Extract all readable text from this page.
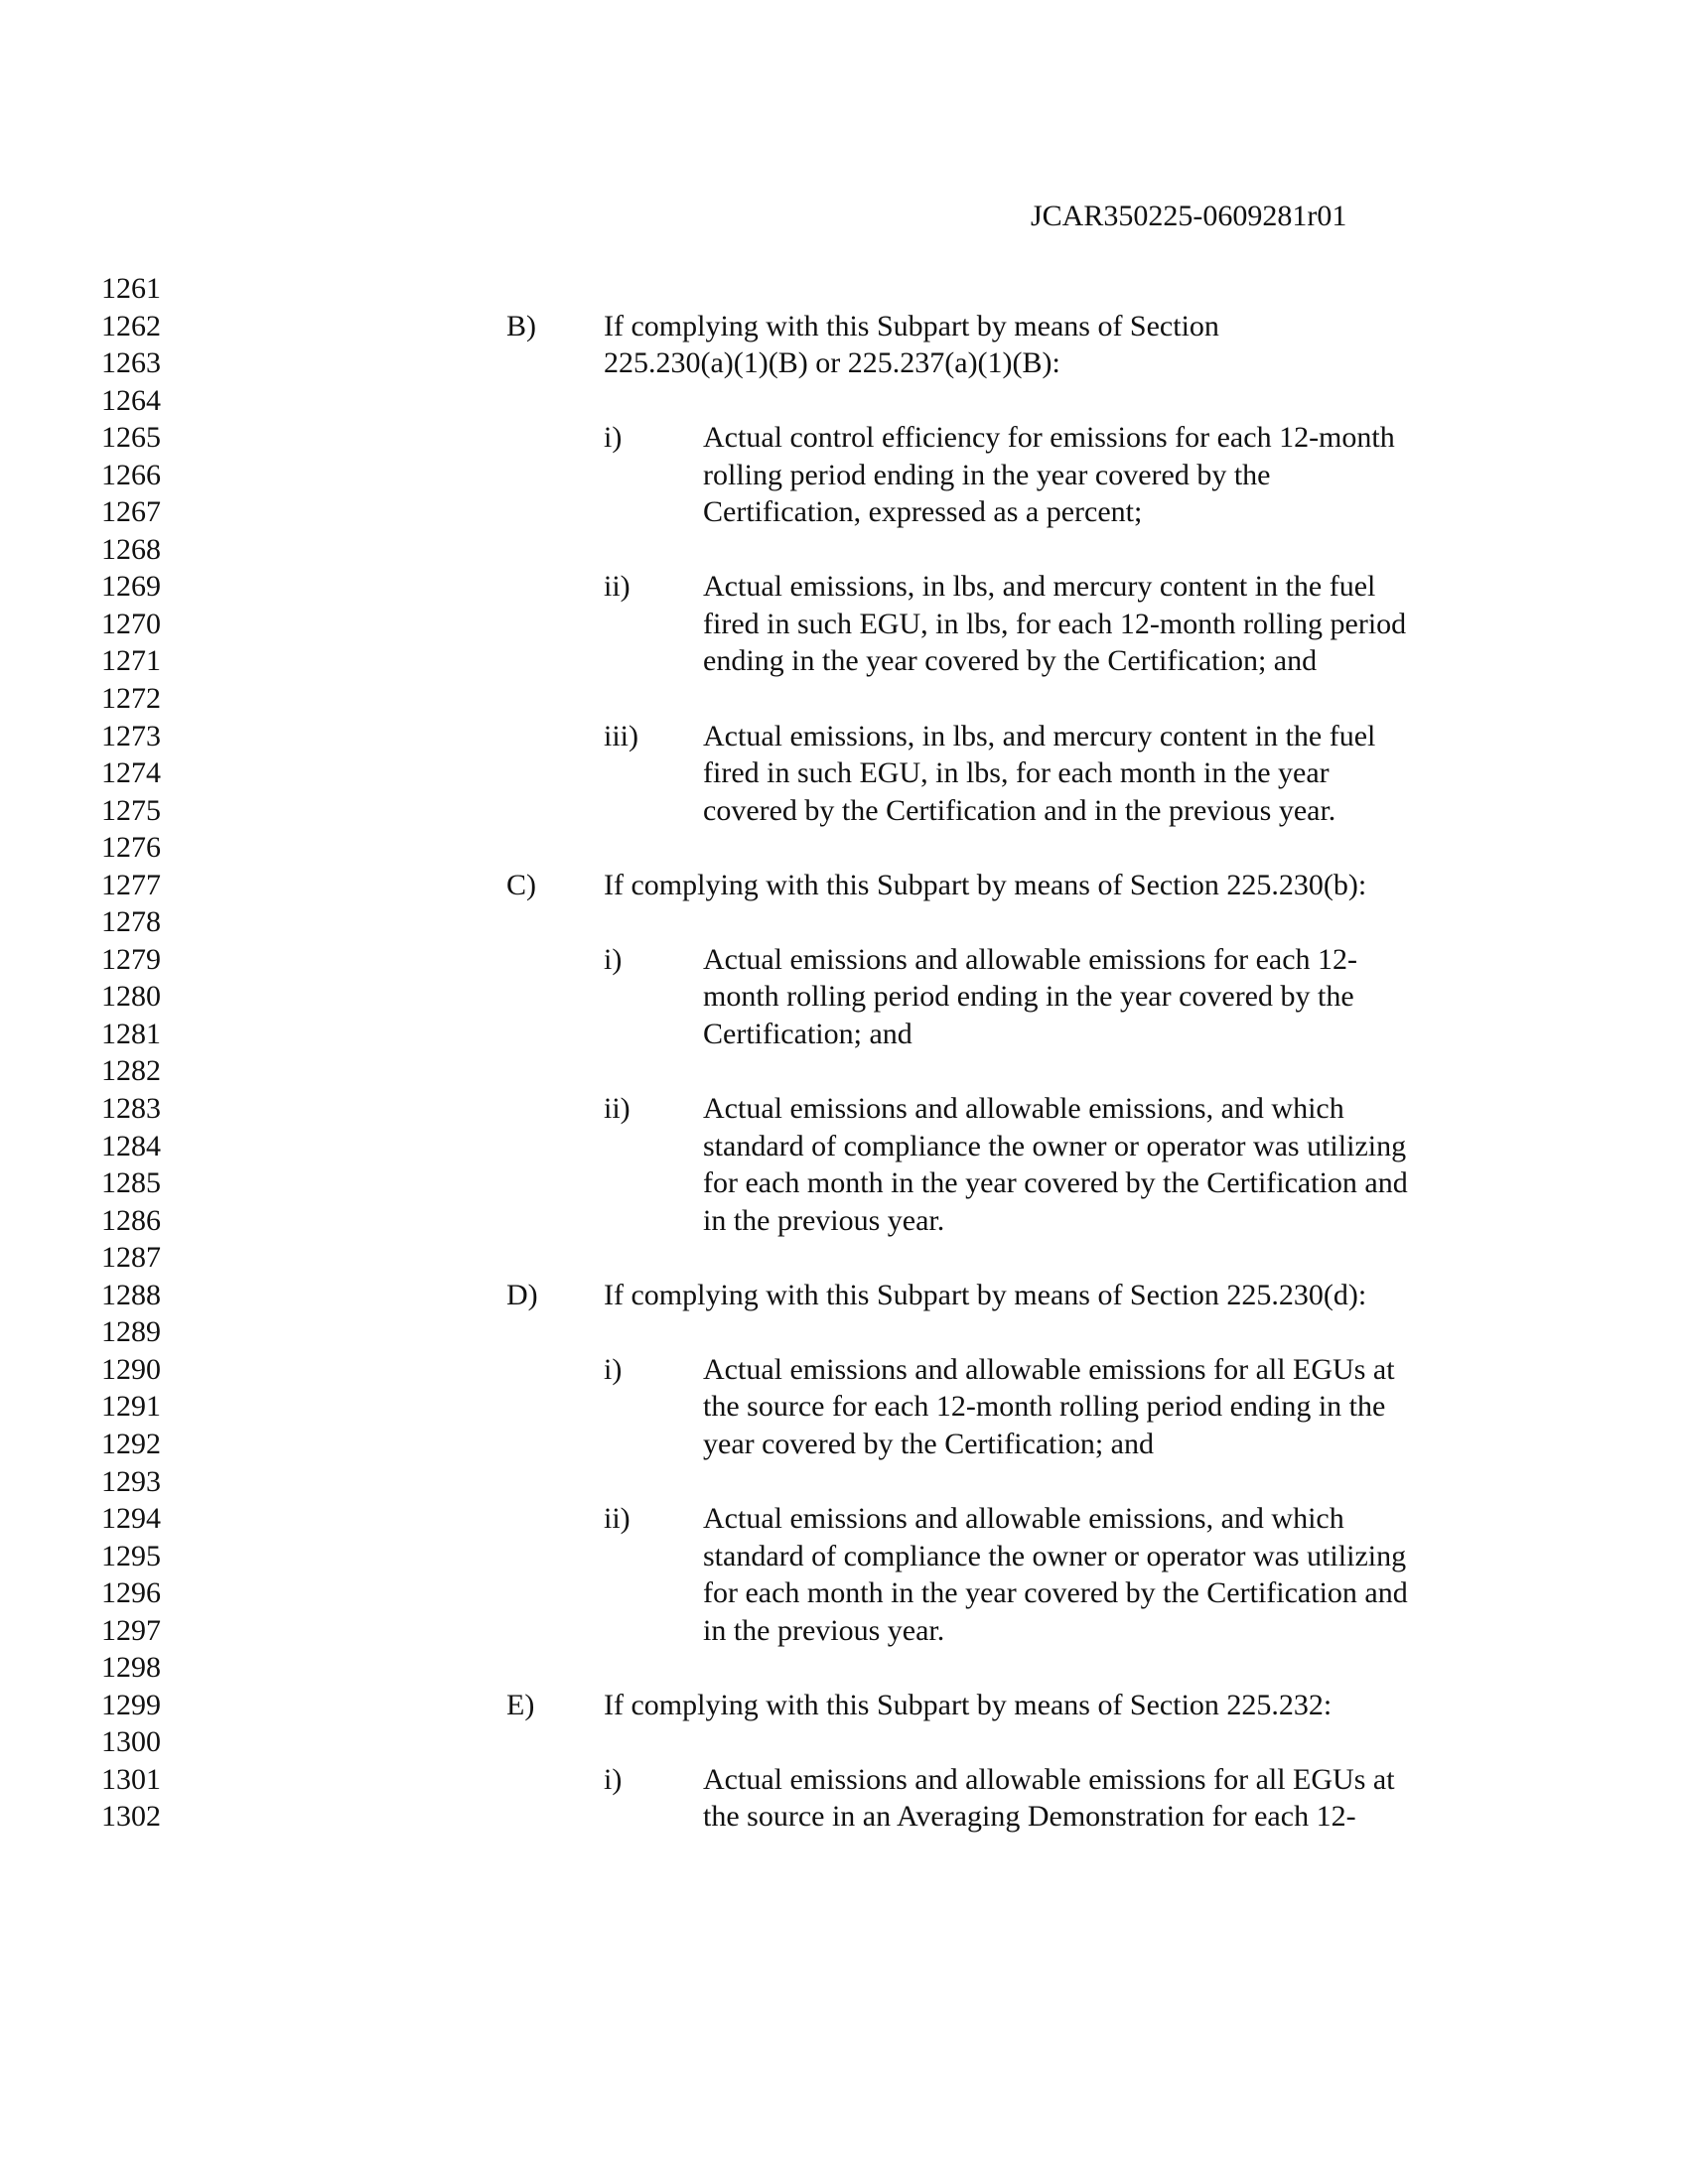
JCAR350225-0609281r01
1261
1262
1263
1264
1265
1266
1267
1268
1269
1270
1271
1272
1273
1274
1275
1276
1277
1278
1279
1280
1281
1282
1283
1284
1285
1286
1287
1288
1289
1290
1291
1292
1293
1294
1295
1296
1297
1298
1299
1300
1301
1302
B) If complying with this Subpart by means of Section
225.230(a)(1)(B) or 225.237(a)(1)(B):
i)	Actual control efficiency for emissions for each 12-month
rolling period ending in the year covered by the
Certification, expressed as a percent;
ii) Actual emissions, in lbs, and mercury content in the fuel
fired in such EGU, in lbs, for each 12-month rolling period
ending in the year covered by the Certification; and
iii) Actual emissions, in lbs, and mercury content in the fuel
fired in such EGU, in lbs, for each month in the year
covered by the Certification and in the previous year.
C) If complying with this Subpart by means of Section 225.230(b):
i)	Actual emissions and allowable emissions for each 12-
month rolling period ending in the year covered by the
Certification; and
ii) Actual emissions and allowable emissions, and which
standard of compliance the owner or operator was utilizing
for each month in the year covered by the Certification and
in the previous year.
D) If complying with this Subpart by means of Section 225.230(d):
i)	Actual emissions and allowable emissions for all EGUs at
the source for each 12-month rolling period ending in the
year covered by the Certification; and
ii) Actual emissions and allowable emissions, and which
standard of compliance the owner or operator was utilizing
for each month in the year covered by the Certification and
in the previous year.
E) If complying with this Subpart by means of Section 225.232:
i)	Actual emissions and allowable emissions for all EGUs at
the source in an Averaging Demonstration for each 12-
